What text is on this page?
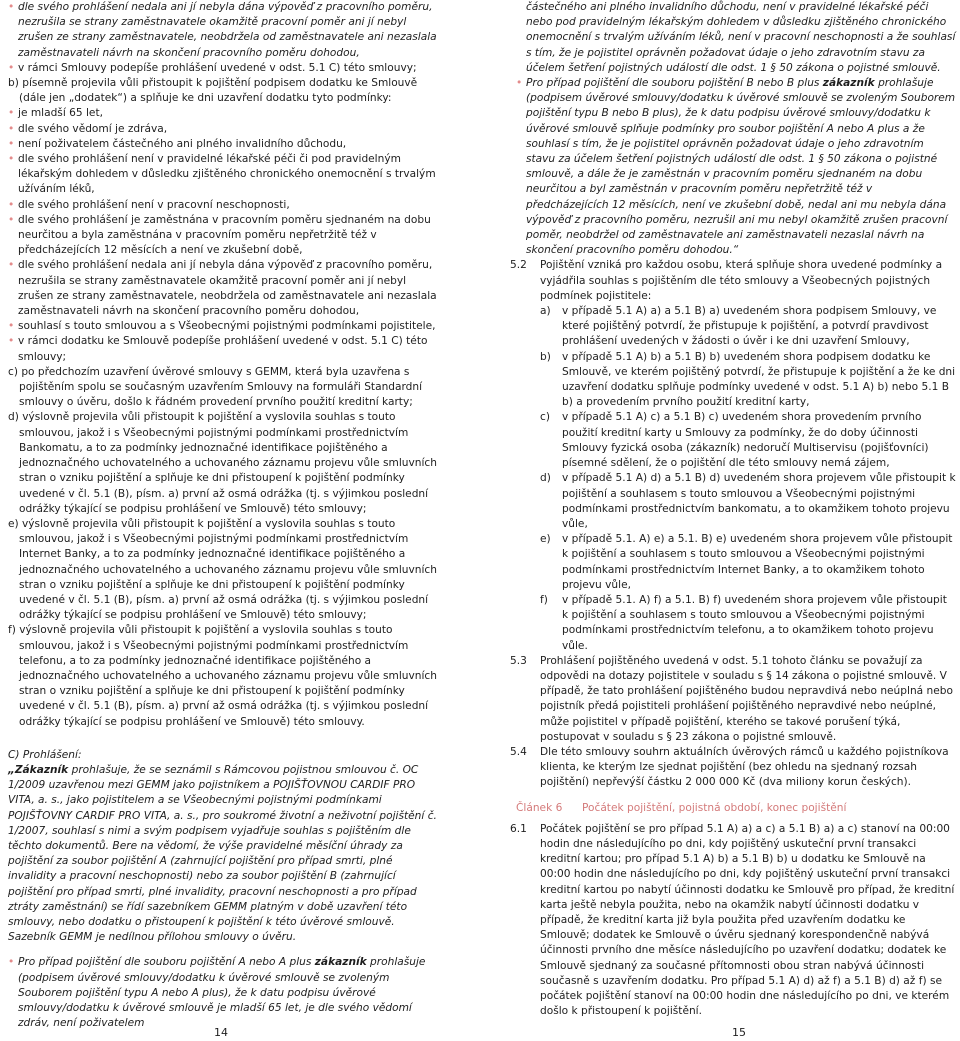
• dle svého prohlášení nedala ani jí nebyla dána výpověď z pracovního poměru, nezrušila se strany zaměstnavatele okamžitě pracovní poměr ani jí nebyl zrušen ze strany zaměstnavatele, neobdržela od zaměstnavatele ani nezaslala zaměstnavateli návrh na skončení pracovního poměru dohodou,

• v rámci Smlouvy podepíše prohlášení uvedené v odst. 5.1 C) této smlouvy;

b) písemně projevila vůli přistoupit k pojištění podpisem dodatku ke Smlouvě (dále jen „dodatek“) a splňuje ke dni uzavření dodatku tyto podmínky:

• je mladší 65 let,

• dle svého vědomí je zdráva,

• není poživatelem částečného ani plného invalidního důchodu,

• dle svého prohlášení není v pravidelné lékařské péči či pod pravidelným lékařským dohledem v důsledku zjištěného chronického onemocnění s trvalým užíváním léků,

• dle svého prohlášení není v pracovní neschopnosti,

• dle svého prohlášení je zaměstnána v pracovním poměru sjednaném na dobu neurčitou a byla zaměstnána v pracovním poměru nepřetržitě též v předcházejících 12 měsících a není ve zkušební době,

• dle svého prohlášení nedala ani jí nebyla dána výpověď z pracovního poměru, nezrušila se strany zaměstnavatele okamžitě pracovní poměr ani jí nebyl zrušen ze strany zaměstnavatele, neobdržela od zaměstnavatele ani nezaslala zaměstnavateli návrh na skončení pracovního poměru dohodou,

• souhlasí s touto smlouvou a s Všeobecnými pojistnými podmínkami pojistitele,

• v rámci dodatku ke Smlouvě podepíše prohlášení uvedené v odst. 5.1 C) této smlouvy;

c) po předchozím uzavření úvěrové smlouvy s GEMM, která byla uzavřena s pojištěním spolu se současným uzavřením Smlouvy na formuláři Standardní smlouvy o úvěru, došlo k řádném provedení prvního použití kreditní karty;

d) výslovně projevila vůli přistoupit k pojištění a vyslovila souhlas s touto smlouvou, jakož i s Všeobecnými pojistnými podmínkami prostřednictvím Bankomatu, a to za podmínky jednoznačné identifikace pojištěného a jednoznačného uchovatelného a uchovaného záznamu projevu vůle smluvních stran o vzniku pojištění a splňuje ke dni přistoupení k pojištění podmínky uvedené v čl. 5.1 (B), písm. a) první až osmá odrážka (tj. s výjimkou poslední odrážky týkající se podpisu prohlášení ve Smlouvě) této smlouvy;

e) výslovně projevila vůli přistoupit k pojištění a vyslovila souhlas s touto smlouvou, jakož i s Všeobecnými pojistnými podmínkami prostřednictvím Internet Banky, a to za podmínky jednoznačné identifikace pojištěného a jednoznačného uchovatelného a uchovaného záznamu projevu vůle smluvních stran o vzniku pojištění a splňuje ke dni přistoupení k pojištění podmínky uvedené v čl. 5.1 (B), písm. a) první až osmá odrážka (tj. s výjimkou poslední odrážky týkající se podpisu prohlášení ve Smlouvě) této smlouvy;

f) výslovně projevila vůli přistoupit k pojištění a vyslovila souhlas s touto smlouvou, jakož i s Všeobecnými pojistnými podmínkami prostřednictvím telefonu, a to za podmínky jednoznačné identifikace pojištěného a jednoznačného uchovatelného a uchovaného záznamu projevu vůle smluvních stran o vzniku pojištění a splňuje ke dni přistoupení k pojištění podmínky uvedené v čl. 5.1 (B), písm. a) první až osmá odrážka (tj. s výjimkou poslední odrážky týkající se podpisu prohlášení ve Smlouvě) této smlouvy.

C) Prohlášení:

„Zákazník prohlašuje, že se seznámil s Rámcovou pojistnou smlouvou č. OC 1/2009 uzavřenou mezi GEMM jako pojistníkem a POJIŠŤOVNOU CARDIF PRO VITA, a. s., jako pojistitelem a se Všeobecnými pojistnými podmínkami POJIŠŤOVNY CARDIF PRO VITA, a. s., pro soukromé životní a neživotní pojištění č. 1/2007, souhlasí s nimi a svým podpisem vyjadřuje souhlas s pojištěním dle těchto dokumentů. Bere na vědomí, že výše pravidelné měsíční úhrady za pojištění za soubor pojištění A (zahrnující pojištění pro případ smrti, plné invalidity a pracovní neschopnosti) nebo za soubor pojištění B (zahrnující pojištění pro případ smrti, plné invalidity, pracovní neschopnosti a pro případ ztráty zaměstnání) se řídí sazebníkem GEMM platným v době uzavření této smlouvy, nebo dodatku o přistoupení k pojištění k této úvěrové smlouvě. Sazebník GEMM je nedílnou přílohou smlouvy o úvěru.

• Pro případ pojištění dle souboru pojištění A nebo A plus zákazník prohlašuje (podpisem úvěrové smlouvy/dodatku k úvěrové smlouvě se zvoleným Souborem pojištění typu A nebo A plus), že k datu podpisu úvěrové smlouvy/dodatku k úvěrové smlouvě je mladší 65 let, je dle svého vědomí zdráv, není poživatelem

14

částečného ani plného invalidního důchodu, není v pravidelné lékařské péči nebo pod pravidelným lékařským dohledem v důsledku zjištěného chronického onemocnění s trvalým užíváním léků, není v pracovní neschopnosti a že souhlasí s tím, že je pojistitel oprávněn požadovat údaje o jeho zdravotním stavu za účelem šetření pojistných událostí dle odst. 1 § 50 zákona o pojistné smlouvě.

• Pro případ pojištění dle souboru pojištění B nebo B plus zákazník prohlašuje (podpisem úvěrové smlouvy/dodatku k úvěrové smlouvě se zvoleným Souborem pojištění typu B nebo B plus), že k datu podpisu úvěrové smlouvy/dodatku k úvěrové smlouvě splňuje podmínky pro soubor pojištění A nebo A plus a že souhlasí s tím, že je pojistitel oprávněn požadovat údaje o jeho zdravotním stavu za účelem šetření pojistných událostí dle odst. 1 § 50 zákona o pojistné smlouvě, a dále že je zaměstnán v pracovním poměru sjednaném na dobu neurčitou a byl zaměstnán v pracovním poměru nepřetržitě též v předcházejících 12 měsících, není ve zkušební době, nedal ani mu nebyla dána výpověď z pracovního poměru, nezrušil ani mu nebyl okamžitě zrušen pracovní poměr, neobdržel od zaměstnavatele ani zaměstnavateli nezaslal návrh na skončení pracovního poměru dohodou.“

5.2	Pojištění vzniká pro každou osobu, která splňuje shora uvedené podmínky a vyjádřila souhlas s pojištěním dle této smlouvy a Všeobecných pojistných podmínek pojistitele:
a)	v případě 5.1 A) a) a 5.1 B) a) uvedeném shora podpisem Smlouvy, ve které pojištěný potvrdí, že přistupuje k pojištění, a potvrdí pravdivost prohlášení uvedených v žádosti o úvěr i ke dni uzavření Smlouvy,
b)	v případě 5.1 A) b) a 5.1 B) b) uvedeném shora podpisem dodatku ke Smlouvě, ve kterém pojištěný potvrdí, že přistupuje k pojištění a že ke dni uzavření dodatku splňuje podmínky uvedené v odst. 5.1 A) b) nebo 5.1 B b) a provedením prvního použití kreditní karty,
c)	v případě 5.1 A) c) a 5.1 B) c) uvedeném shora provedením prvního použití kreditní karty u Smlouvy za podmínky, že do doby účinnosti Smlouvy fyzická osoba (zákazník) nedoručí Multiservisu (pojišťovníci) písemné sdělení, že o pojištění dle této smlouvy nemá zájem,
d)	v případě 5.1 A) d) a 5.1 B) d) uvedeném shora projevem vůle přistoupit k pojištění a souhlasem s touto smlouvou a Všeobecnými pojistnými podmínkami prostřednictvím bankomatu, a to okamžikem tohoto projevu vůle,
e)	v případě 5.1. A) e) a 5.1. B) e) uvedeném shora projevem vůle přistoupit k pojištění a souhlasem s touto smlouvou a Všeobecnými pojistnými podmínkami prostřednictvím Internet Banky, a to okamžikem tohoto projevu vůle,
f)	v případě 5.1. A) f) a 5.1. B) f) uvedeném shora projevem vůle přistoupit k pojištění a souhlasem s touto smlouvou a Všeobecnými pojistnými podmínkami prostřednictvím telefonu, a to okamžikem tohoto projevu vůle.
5.3	Prohlášení pojištěného uvedená v odst. 5.1 tohoto článku se považují za odpovědi na dotazy pojistitele v souladu s § 14 zákona o pojistné smlouvě. V případě, že tato prohlášení pojištěného budou nepravdivá nebo neúplná nebo pojistník předá pojistiteli prohlášení pojištěného nepravdivé nebo neúplné, může pojistitel v případě pojištění, kterého se takové porušení týká, postupovat v souladu s § 23 zákona o pojistné smlouvě.
5.4	Dle této smlouvy souhrn aktuálních úvěrových rámců u každého pojistníkova klienta, ke kterým lze sjednat pojištění (bez ohledu na sjednaný rozsah pojištění) nepřevýší částku 2 000 000 Kč (dva miliony korun českých).

Článek 6 Počátek pojištění, pojistná období, konec pojištění

6.1	Počátek pojištění se pro případ 5.1 A) a) a c) a 5.1 B) a) a c) stanoví na 00:00 hodin dne následujícího po dni, kdy pojištěný uskuteční první transakci kreditní kartou; pro případ 5.1 A) b) a 5.1 B) b) u dodatku ke Smlouvě na 00:00 hodin dne následujícího po dni, kdy pojištěný uskuteční první transakci kreditní kartou po nabytí účinnosti dodatku ke Smlouvě pro případ, že kreditní karta ještě nebyla použita, nebo na okamžik nabytí účinnosti dodatku v případě, že kreditní karta již byla použita před uzavřením dodatku ke Smlouvě; dodatek ke Smlouvě o úvěru sjednaný korespondenčně nabývá účinnosti prvního dne měsíce následujícího po uzavření dodatku; dodatek ke Smlouvě sjednaný za současné přítomnosti obou stran nabývá účinnosti současně s uzavřením dodatku. Pro případ 5.1 A) d) až f) a 5.1 B) d) až f) se počátek pojištění stanoví na 00:00 hodin dne následujícího po dni, ve kterém došlo k přistoupení k pojištění.
15
